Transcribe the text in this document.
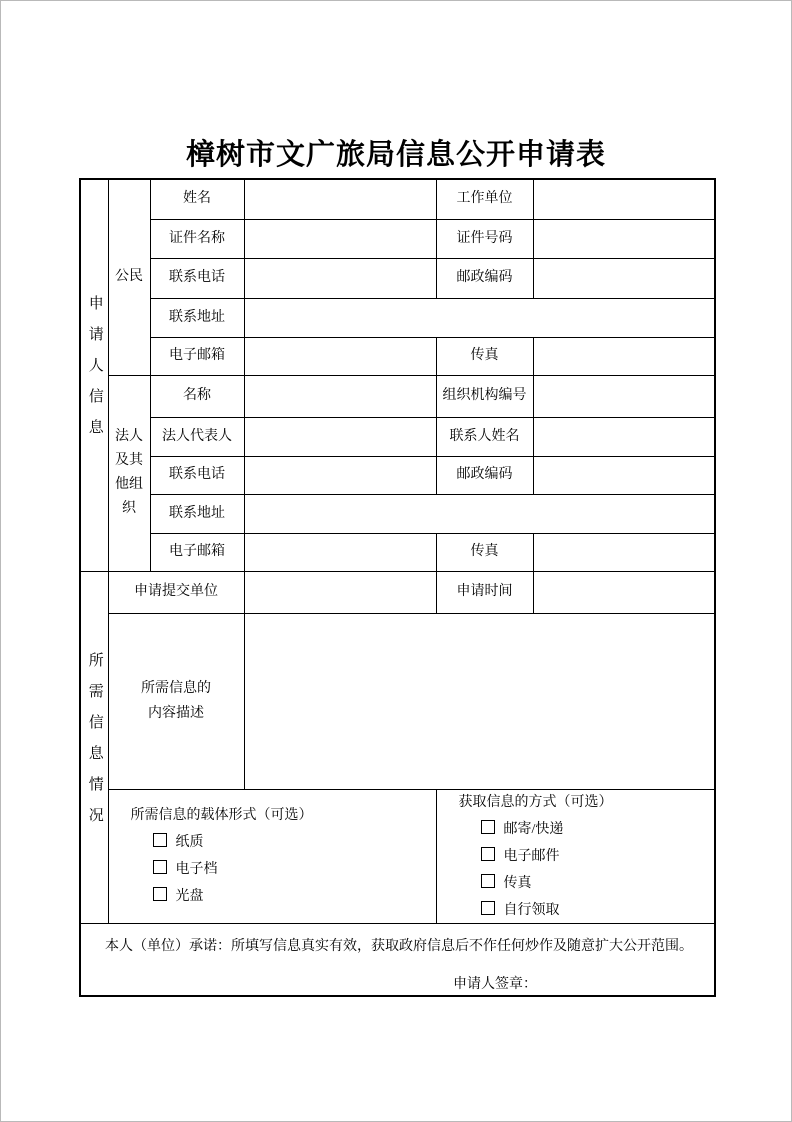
樟树市文广旅局信息公开申请表
申请人信息	公民	姓名		工作单位	
		证件名称		证件号码	
		联系电话		邮政编码	
		联系地址			
		电子邮箱		传真	
	法人及其他组织	名称		组织机构编号	
		法人代表人		联系人姓名	
		联系电话		邮政编码	
		联系地址			
		电子邮箱		传真	
所需信息情况	申请提交单位			申请时间	

	所需信息的
内容描述				

所需信息的载体形式（可选）
纸质
电子档
光盘

获取信息的方式（可选）
邮寄/快递
电子邮件
传真
自行领取

本人（单位）承诺：所填写信息真实有效，获取政府信息后不作任何炒作及随意扩大公开范围。
申请人签章：					
